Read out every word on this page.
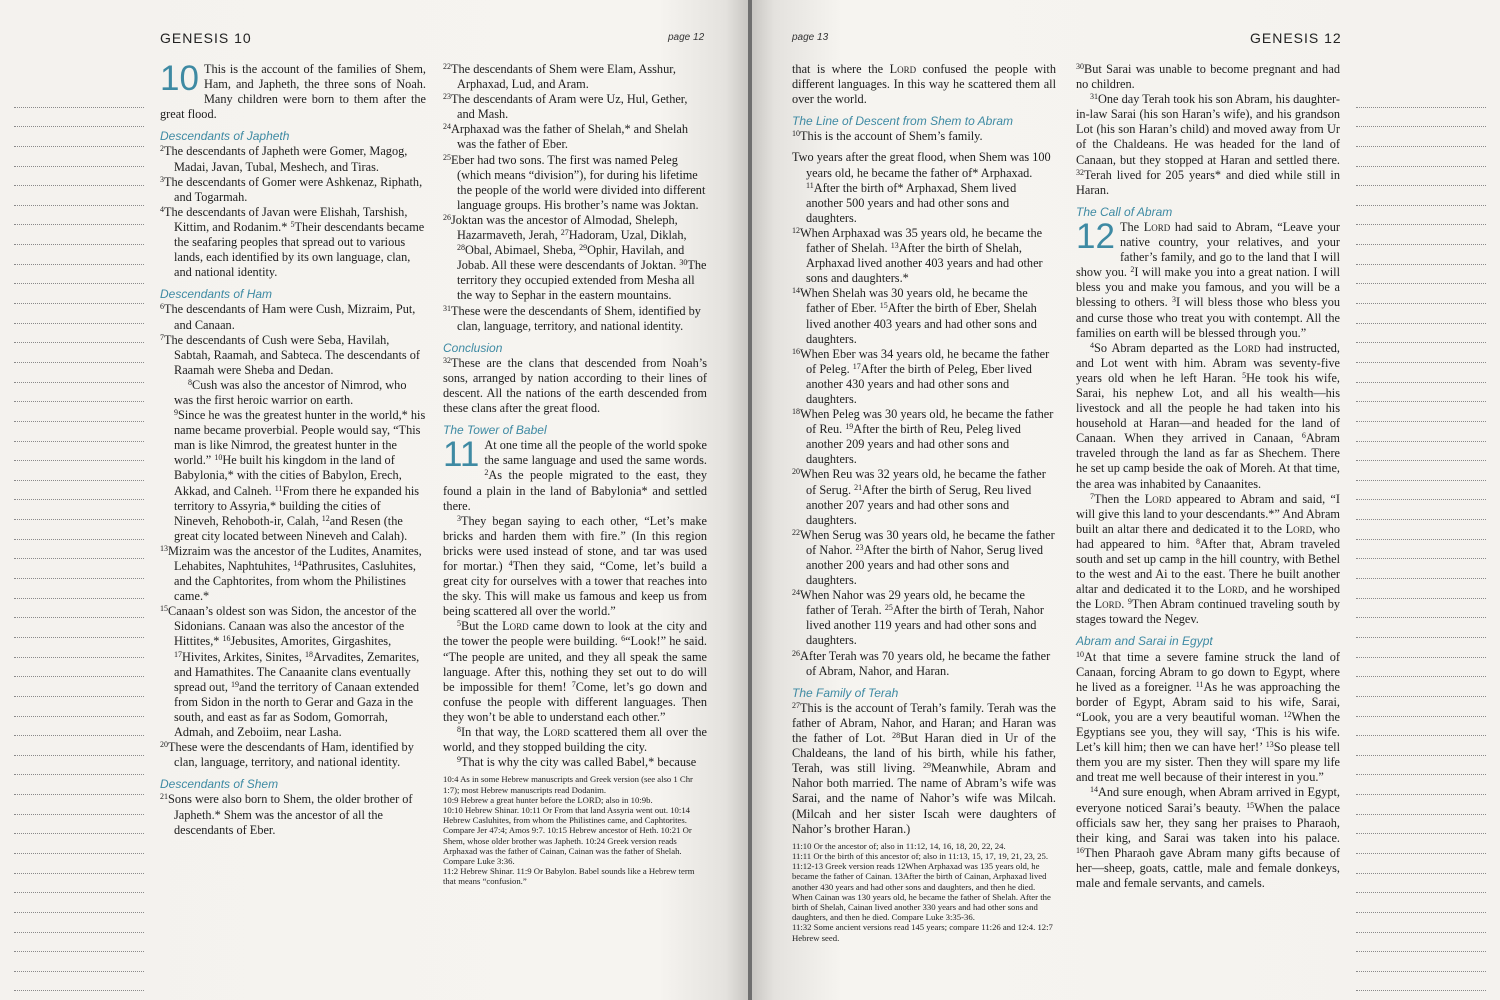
GENESIS 10	page 12

10 This is the account of the families of Shem, Ham, and Japheth, the three sons of Noah. Many children were born to them after the great flood.

Descendants of Japheth

$^2$The descendants of Japheth were Gomer, Magog, Madai, Javan, Tubal, Meshech, and Tiras.

$^3$The descendants of Gomer were Ashkenaz, Riphath, and Togarmah.

$^4$The descendants of Javan were Elishah, Tarshish, Kittim, and Rodanim.* $^5$Their descendants became the seafaring peoples that spread out to various lands, each identified by its own language, clan, and national identity.

Descendants of Ham

$^6$The descendants of Ham were Cush, Mizraim, Put, and Canaan.

$^7$The descendants of Cush were Seba, Havilah, Sabtah, Raamah, and Sabteca. The descendants of Raamah were Sheba and Dedan.

$^8$Cush was also the ancestor of Nimrod, who was the first heroic warrior on earth.

$^9$Since he was the greatest hunter in the world,* his name became proverbial. People would say, “This man is like Nimrod, the greatest hunter in the world.” $^{10}$He built his kingdom in the land of Babylonia,* with the cities of Babylon, Erech, Akkad, and Calneh. $^{11}$From there he expanded his territory to Assyria,* building the cities of Nineveh, Rehoboth-ir, Calah, $^{12}$and Resen (the great city located between Nineveh and Calah).

$^{13}$Mizraim was the ancestor of the Ludites, Anamites, Lehabites, Naphtuhites, $^{14}$Pathrusites, Casluhites, and the Caphtorites, from whom the Philistines came.*

$^{15}$Canaan’s oldest son was Sidon, the ancestor of the Sidonians. Canaan was also the ancestor of the Hittites,* $^{16}$Jebusites, Amorites, Girgashites, $^{17}$Hivites, Arkites, Sinites, $^{18}$Arvadites, Zemarites, and Hamathites. The Canaanite clans eventually spread out, $^{19}$and the territory of Canaan extended from Sidon in the north to Gerar and Gaza in the south, and east as far as Sodom, Gomorrah, Admah, and Zeboiim, near Lasha.

$^{20}$These were the descendants of Ham, identified by clan, language, territory, and national identity.

Descendants of Shem

$^{21}$Sons were also born to Shem, the older brother of Japheth.* Shem was the ancestor of all the descendants of Eber.

$^{22}$The descendants of Shem were Elam, Asshur, Arphaxad, Lud, and Aram.

$^{23}$The descendants of Aram were Uz, Hul, Gether, and Mash.

$^{24}$Arphaxad was the father of Shelah,* and Shelah was the father of Eber.

$^{25}$Eber had two sons. The first was named Peleg (which means “division”), for during his lifetime the people of the world were divided into different language groups. His brother’s name was Joktan.

$^{26}$Joktan was the ancestor of Almodad, Sheleph, Hazarmaveth, Jerah, $^{27}$Hadoram, Uzal, Diklah, $^{28}$Obal, Abimael, Sheba, $^{29}$Ophir, Havilah, and Jobab. All these were descendants of Joktan. $^{30}$The territory they occupied extended from Mesha all the way to Sephar in the eastern mountains.

$^{31}$These were the descendants of Shem, identified by clan, language, territory, and national identity.

Conclusion

$^{32}$These are the clans that descended from Noah’s sons, arranged by nation according to their lines of descent. All the nations of the earth descended from these clans after the great flood.

The Tower of Babel

11 At one time all the people of the world spoke the same language and used the same words. $^2$As the people migrated to the east, they found a plain in the land of Babylonia* and settled there.

$^3$They began saying to each other, “Let’s make bricks and harden them with fire.” (In this region bricks were used instead of stone, and tar was used for mortar.) $^4$Then they said, “Come, let’s build a great city for ourselves with a tower that reaches into the sky. This will make us famous and keep us from being scattered all over the world.”

$^5$But the Lord came down to look at the city and the tower the people were building. $^6$“Look!” he said. “The people are united, and they all speak the same language. After this, nothing they set out to do will be impossible for them! $^7$Come, let’s go down and confuse the people with different languages. Then they won’t be able to understand each other.”

$^8$In that way, the Lord scattered them all over the world, and they stopped building the city.

$^9$That is why the city was called Babel,* because

10:4 As in some Hebrew manuscripts and Greek version (see also 1 Chr 1:7); most Hebrew manuscripts read Dodanim.

10:9 Hebrew a great hunter before the LORD; also in 10:9b.

10:10 Hebrew Shinar. 10:11 Or From that land Assyria went out. 10:14 Hebrew Casluhites, from whom the Philistines came, and Caphtorites. Compare Jer 47:4; Amos 9:7. 10:15 Hebrew ancestor of Heth. 10:21 Or Shem, whose older brother was Japheth. 10:24 Greek version reads Arphaxad was the father of Cainan, Cainan was the father of Shelah. Compare Luke 3:36.

11:2 Hebrew Shinar. 11:9 Or Babylon. Babel sounds like a Hebrew term that means “confusion.”

page 13	GENESIS 12

that is where the Lord confused the people with different languages. In this way he scattered them all over the world.

The Line of Descent from Shem to Abram

$^{10}$This is the account of Shem’s family.

Two years after the great flood, when Shem was 100 years old, he became the father of* Arphaxad. $^{11}$After the birth of* Arphaxad, Shem lived another 500 years and had other sons and daughters.

$^{12}$When Arphaxad was 35 years old, he became the father of Shelah. $^{13}$After the birth of Shelah, Arphaxad lived another 403 years and had other sons and daughters.*

$^{14}$When Shelah was 30 years old, he became the father of Eber. $^{15}$After the birth of Eber, Shelah lived another 403 years and had other sons and daughters.

$^{16}$When Eber was 34 years old, he became the father of Peleg. $^{17}$After the birth of Peleg, Eber lived another 430 years and had other sons and daughters.

$^{18}$When Peleg was 30 years old, he became the father of Reu. $^{19}$After the birth of Reu, Peleg lived another 209 years and had other sons and daughters.

$^{20}$When Reu was 32 years old, he became the father of Serug. $^{21}$After the birth of Serug, Reu lived another 207 years and had other sons and daughters.

$^{22}$When Serug was 30 years old, he became the father of Nahor. $^{23}$After the birth of Nahor, Serug lived another 200 years and had other sons and daughters.

$^{24}$When Nahor was 29 years old, he became the father of Terah. $^{25}$After the birth of Terah, Nahor lived another 119 years and had other sons and daughters.

$^{26}$After Terah was 70 years old, he became the father of Abram, Nahor, and Haran.

The Family of Terah

$^{27}$This is the account of Terah’s family. Terah was the father of Abram, Nahor, and Haran; and Haran was the father of Lot. $^{28}$But Haran died in Ur of the Chaldeans, the land of his birth, while his father, Terah, was still living. $^{29}$Meanwhile, Abram and Nahor both married. The name of Abram’s wife was Sarai, and the name of Nahor’s wife was Milcah. (Milcah and her sister Iscah were daughters of Nahor’s brother Haran.)

11:10 Or the ancestor of; also in 11:12, 14, 16, 18, 20, 22, 24.

11:11 Or the birth of this ancestor of; also in 11:13, 15, 17, 19, 21, 23, 25. 11:12-13 Greek version reads 12When Arphaxad was 135 years old, he became the father of Cainan. 13After the birth of Cainan, Arphaxad lived another 430 years and had other sons and daughters, and then he died. When Cainan was 130 years old, he became the father of Shelah. After the birth of Shelah, Cainan lived another 330 years and had other sons and daughters, and then he died. Compare Luke 3:35-36.

11:32 Some ancient versions read 145 years; compare 11:26 and 12:4. 12:7 Hebrew seed.

$^{30}$But Sarai was unable to become pregnant and had no children.

$^{31}$One day Terah took his son Abram, his daughter-in-law Sarai (his son Haran’s wife), and his grandson Lot (his son Haran’s child) and moved away from Ur of the Chaldeans. He was headed for the land of Canaan, but they stopped at Haran and settled there. $^{32}$Terah lived for 205 years* and died while still in Haran.

The Call of Abram

12 The Lord had said to Abram, “Leave your native country, your relatives, and your father’s family, and go to the land that I will show you. $^2$I will make you into a great nation. I will bless you and make you famous, and you will be a blessing to others. $^3$I will bless those who bless you and curse those who treat you with contempt. All the families on earth will be blessed through you.”

$^4$So Abram departed as the Lord had instructed, and Lot went with him. Abram was seventy-five years old when he left Haran. $^5$He took his wife, Sarai, his nephew Lot, and all his wealth—his livestock and all the people he had taken into his household at Haran—and headed for the land of Canaan. When they arrived in Canaan, $^6$Abram traveled through the land as far as Shechem. There he set up camp beside the oak of Moreh. At that time, the area was inhabited by Canaanites.

$^7$Then the Lord appeared to Abram and said, “I will give this land to your descendants.*” And Abram built an altar there and dedicated it to the Lord, who had appeared to him. $^8$After that, Abram traveled south and set up camp in the hill country, with Bethel to the west and Ai to the east. There he built another altar and dedicated it to the Lord, and he worshiped the Lord. $^9$Then Abram continued traveling south by stages toward the Negev.

Abram and Sarai in Egypt

$^{10}$At that time a severe famine struck the land of Canaan, forcing Abram to go down to Egypt, where he lived as a foreigner. $^{11}$As he was approaching the border of Egypt, Abram said to his wife, Sarai, “Look, you are a very beautiful woman. $^{12}$When the Egyptians see you, they will say, ‘This is his wife. Let’s kill him; then we can have her!’ $^{13}$So please tell them you are my sister. Then they will spare my life and treat me well because of their interest in you.”

$^{14}$And sure enough, when Abram arrived in Egypt, everyone noticed Sarai’s beauty. $^{15}$When the palace officials saw her, they sang her praises to Pharaoh, their king, and Sarai was taken into his palace. $^{16}$Then Pharaoh gave Abram many gifts because of her—sheep, goats, cattle, male and female donkeys, male and female servants, and camels.
